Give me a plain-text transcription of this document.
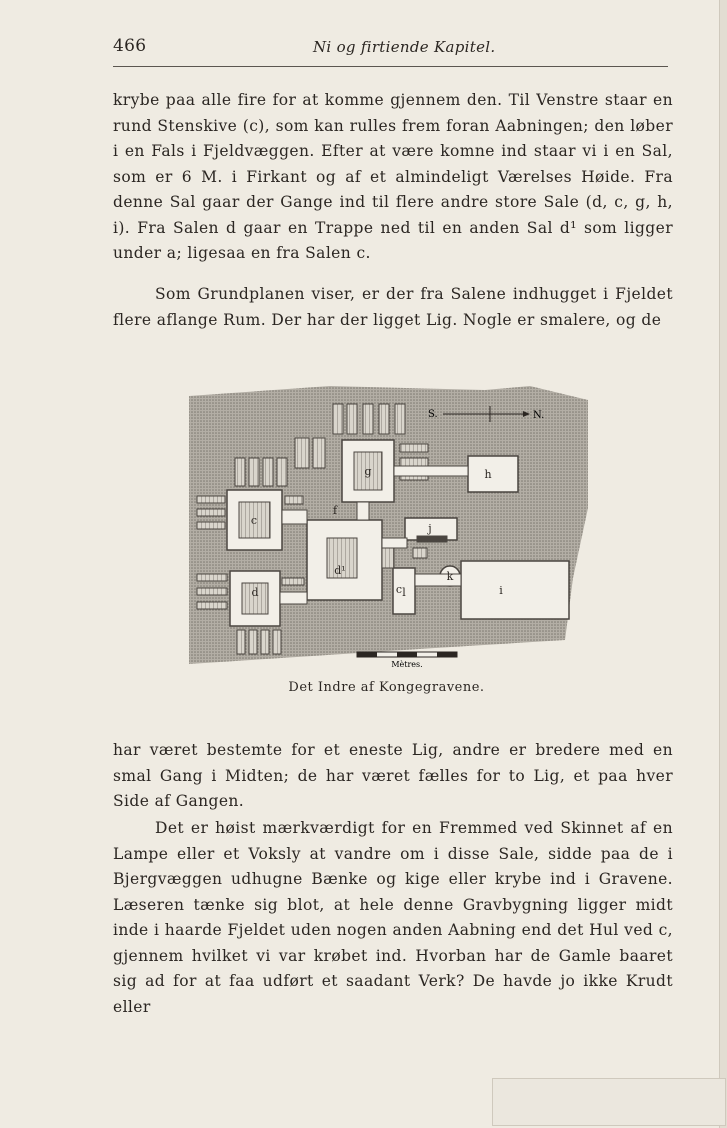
466	Ni og firtiende Kapitel.

krybe paa alle fire for at komme gjennem den. Til Venstre staar en rund Stenskive (c), som kan rulles frem foran Aabningen; den løber i en Fals i Fjeldvæggen. Efter at være komne ind staar vi i en Sal, som er 6 M. i Firkant og af et almindeligt Værelses Høide. Fra denne Sal gaar der Gange ind til flere andre store Sale (d, c, g, h, i). Fra Salen d gaar en Trappe ned til en anden Sal d¹ som ligger under a; ligesaa en fra Salen c.

Som Grundplanen viser, er der fra Salene indhugget i Fjeldet flere aflange Rum. Der har der ligget Lig. Nogle er smalere, og de

c
d
d¹
g	h
i
j
k
l
f
c
S.	N.
Mètres.
Det Indre af Kongegravene.

har været bestemte for et eneste Lig, andre er bredere med en smal Gang i Midten; de har været fælles for to Lig, et paa hver Side af Gangen.

Det er høist mærkværdigt for en Fremmed ved Skinnet af en Lampe eller et Voksly at vandre om i disse Sale, sidde paa de i Bjergvæggen udhugne Bænke og kige eller krybe ind i Gravene. Læseren tænke sig blot, at hele denne Gravbygning ligger midt inde i haarde Fjeldet uden nogen anden Aabning end det Hul ved c, gjennem hvilket vi var krøbet ind. Hvorban har de Gamle baaret sig ad for at faa udført et saadant Verk? De havde jo ikke Krudt eller
